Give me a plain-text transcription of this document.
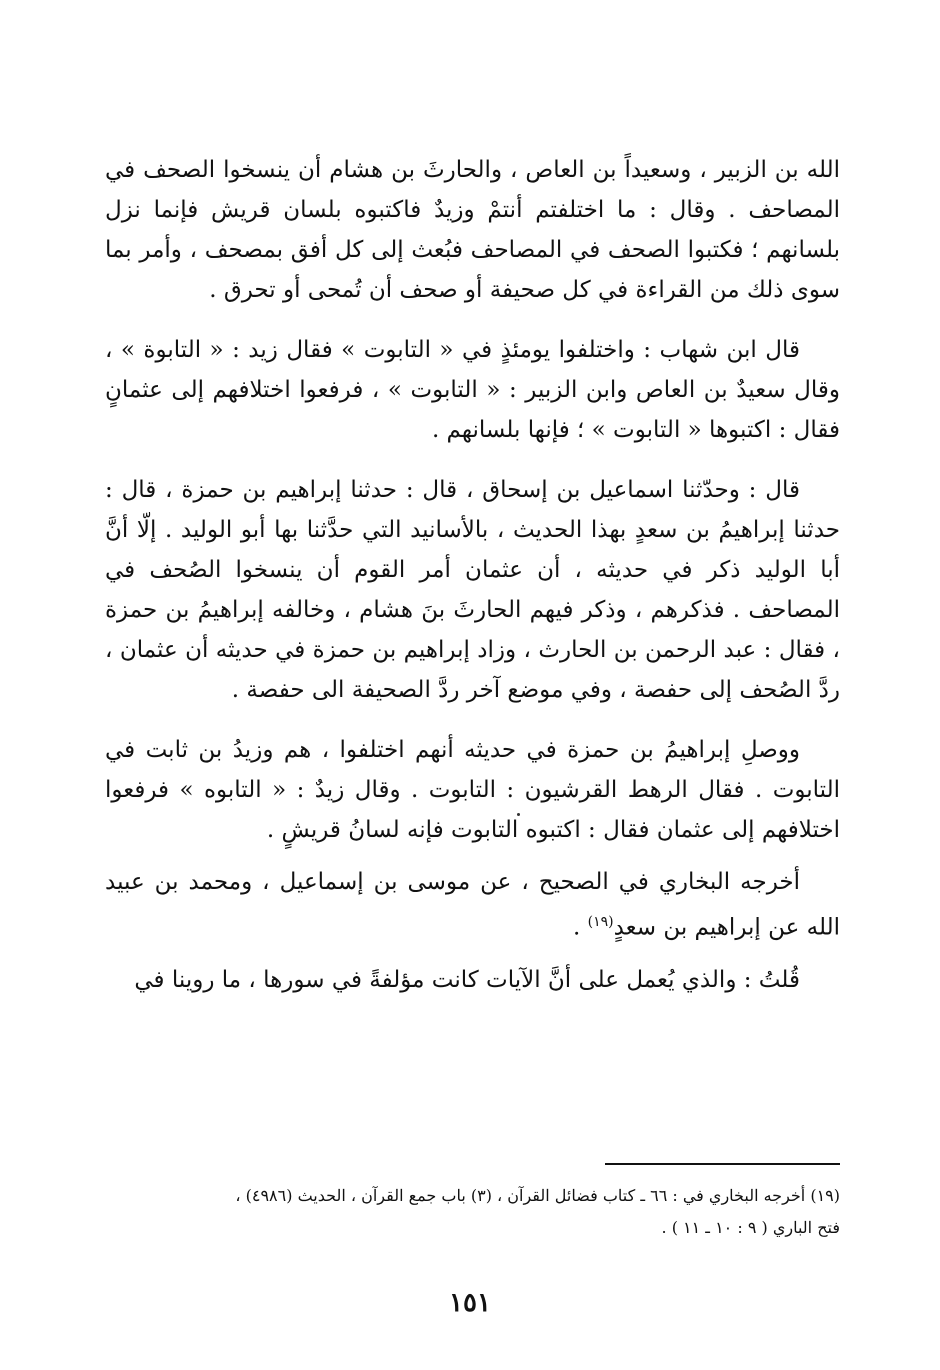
الله بن الزبير ، وسعيداً بن العاص ، والحارثَ بن هشام أن ينسخوا الصحف في المصاحف . وقال : ما اختلفتم أنتمْ وزيدٌ فاكتبوه بلسان قريش فإنما نزل بلسانهم ؛ فكتبوا الصحف في المصاحف فبُعث إلى كل أفق بمصحف ، وأمر بما سوى ذلك من القراءة في كل صحيفة أو صحف أن تُمحى أو تحرق .

قال ابن شهاب : واختلفوا يومئذٍ في « التابوت » فقال زيد : « التابوة » ، وقال سعيدٌ بن العاص وابن الزبير : « التابوت » ، فرفعوا اختلافهم إلى عثمانٍ فقال : اكتبوها « التابوت » ؛ فإنها بلسانهم .

قال : وحدّثنا اسماعيل بن إسحاق ، قال : حدثنا إبراهيم بن حمزة ، قال : حدثنا إبراهيمُ بن سعدٍ بهذا الحديث ، بالأسانيد التي حدَّثنا بها أبو الوليد . إلّا أنَّ أبا الوليد ذكر في حديثه ، أن عثمان أمر القوم أن ينسخوا الصُحف في المصاحف . فذكرهم ، وذكر فيهم الحارثَ بنَ هشام ، وخالفه إبراهيمُ بن حمزة ، فقال : عبد الرحمن بن الحارث ، وزاد إبراهيم بن حمزة في حديثه أن عثمان ، ردَّ الصُحف إلى حفصة ، وفي موضع آخر ردَّ الصحيفة الى حفصة .

ووصلِ إبراهيمُ بن حمزة في حديثه أنهم اختلفوا ، هم وزيدُ بن ثابت في التابوت . فقال الرهط القرشيون : التابوت . وقال زيدٌ : « التابوه » فرفعوا اختلافهم إلى عثمان فقال : اكتبوه التابوت فإنه لسانُ قريشٍ .

أخرجه البخاري في الصحيح ، عن موسى بن إسماعيل ، ومحمد بن عبيد الله عن إبراهيم بن سعدٍ$^{(١٩)}$ .

قُلتُ : والذي يُعمل على أنَّ الآيات كانت مؤلفةً في سورها ، ما روينا في

(١٩) أخرجه البخاري في : ٦٦ ـ كتاب فضائل القرآن ، (٣) باب جمع القرآن ، الحديث (٤٩٨٦) ،
فتح الباري ( ٩ : ١٠ ـ ١١ ) .
١٥١
